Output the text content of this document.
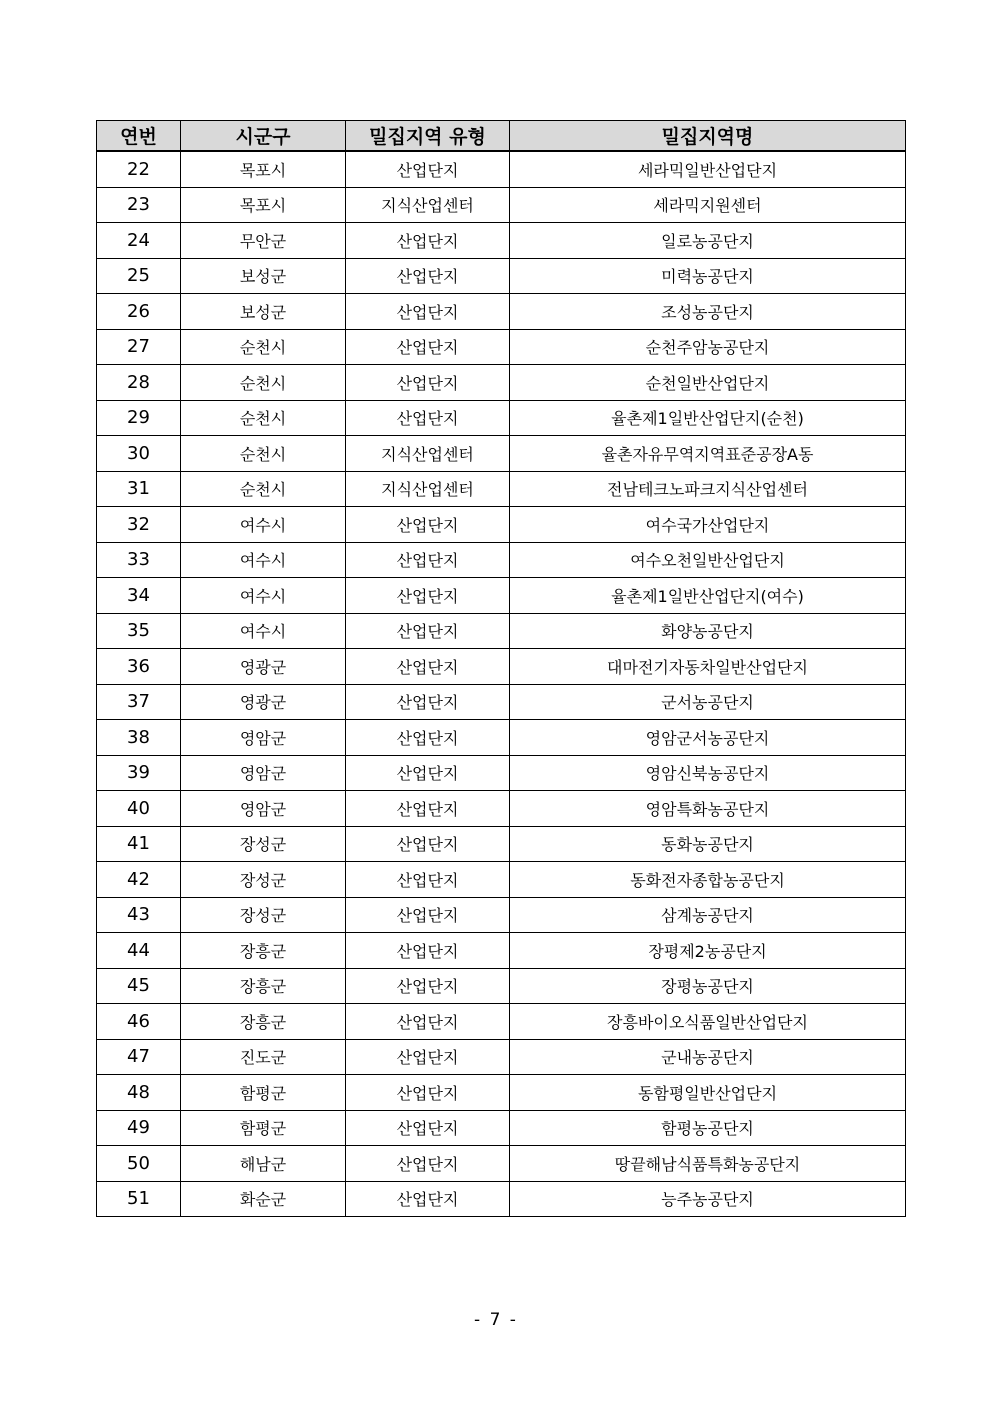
연번	시군구	밀집지역 유형	밀집지역명
22	목포시	산업단지	세라믹일반산업단지
23	목포시	지식산업센터	세라믹지원센터
24	무안군	산업단지	일로농공단지
25	보성군	산업단지	미력농공단지
26	보성군	산업단지	조성농공단지
27	순천시	산업단지	순천주암농공단지
28	순천시	산업단지	순천일반산업단지
29	순천시	산업단지	율촌제1일반산업단지(순천)
30	순천시	지식산업센터	율촌자유무역지역표준공장A동
31	순천시	지식산업센터	전남테크노파크지식산업센터
32	여수시	산업단지	여수국가산업단지
33	여수시	산업단지	여수오천일반산업단지
34	여수시	산업단지	율촌제1일반산업단지(여수)
35	여수시	산업단지	화양농공단지
36	영광군	산업단지	대마전기자동차일반산업단지
37	영광군	산업단지	군서농공단지
38	영암군	산업단지	영암군서농공단지
39	영암군	산업단지	영암신북농공단지
40	영암군	산업단지	영암특화농공단지
41	장성군	산업단지	동화농공단지
42	장성군	산업단지	동화전자종합농공단지
43	장성군	산업단지	삼계농공단지
44	장흥군	산업단지	장평제2농공단지
45	장흥군	산업단지	장평농공단지
46	장흥군	산업단지	장흥바이오식품일반산업단지
47	진도군	산업단지	군내농공단지
48	함평군	산업단지	동함평일반산업단지
49	함평군	산업단지	함평농공단지
50	해남군	산업단지	땅끝해남식품특화농공단지
51	화순군	산업단지	능주농공단지
- 7 -
